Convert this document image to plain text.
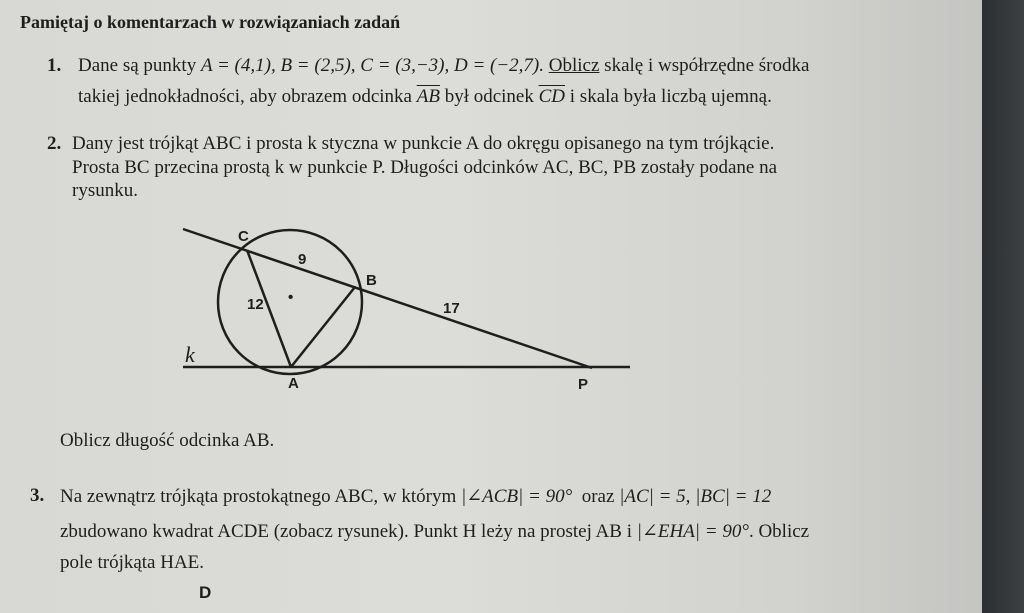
Pamiętaj o komentarzach w rozwiązaniach zadań
1. Dane są punkty A = (4,1), B = (2,5), C = (3,−3), D = (−2,7). Oblicz skalę i współrzędne środka
takiej jednokładności, aby obrazem odcinka $\overline{AB}$ był odcinek $\overline{CD}$ i skala była liczbą ujemną.
2. Dany jest trójkąt ABC i prosta k styczna w punkcie A do okręgu opisanego na tym trójkącie.
Prosta BC przecina prostą k w punkcie P. Długości odcinków AC, BC, PB zostały podane na
rysunku.
C
9
B
12 •
17
k
A	P
Oblicz długość odcinka AB.
3. Na zewnątrz trójkąta prostokątnego ABC, w którym |∠ACB| = 90° oraz |AC| = 5, |BC| = 12
zbudowano kwadrat ACDE (zobacz rysunek). Punkt H leży na prostej AB i |∠EHA| = 90°. Oblicz
pole trójkąta HAE.
D
